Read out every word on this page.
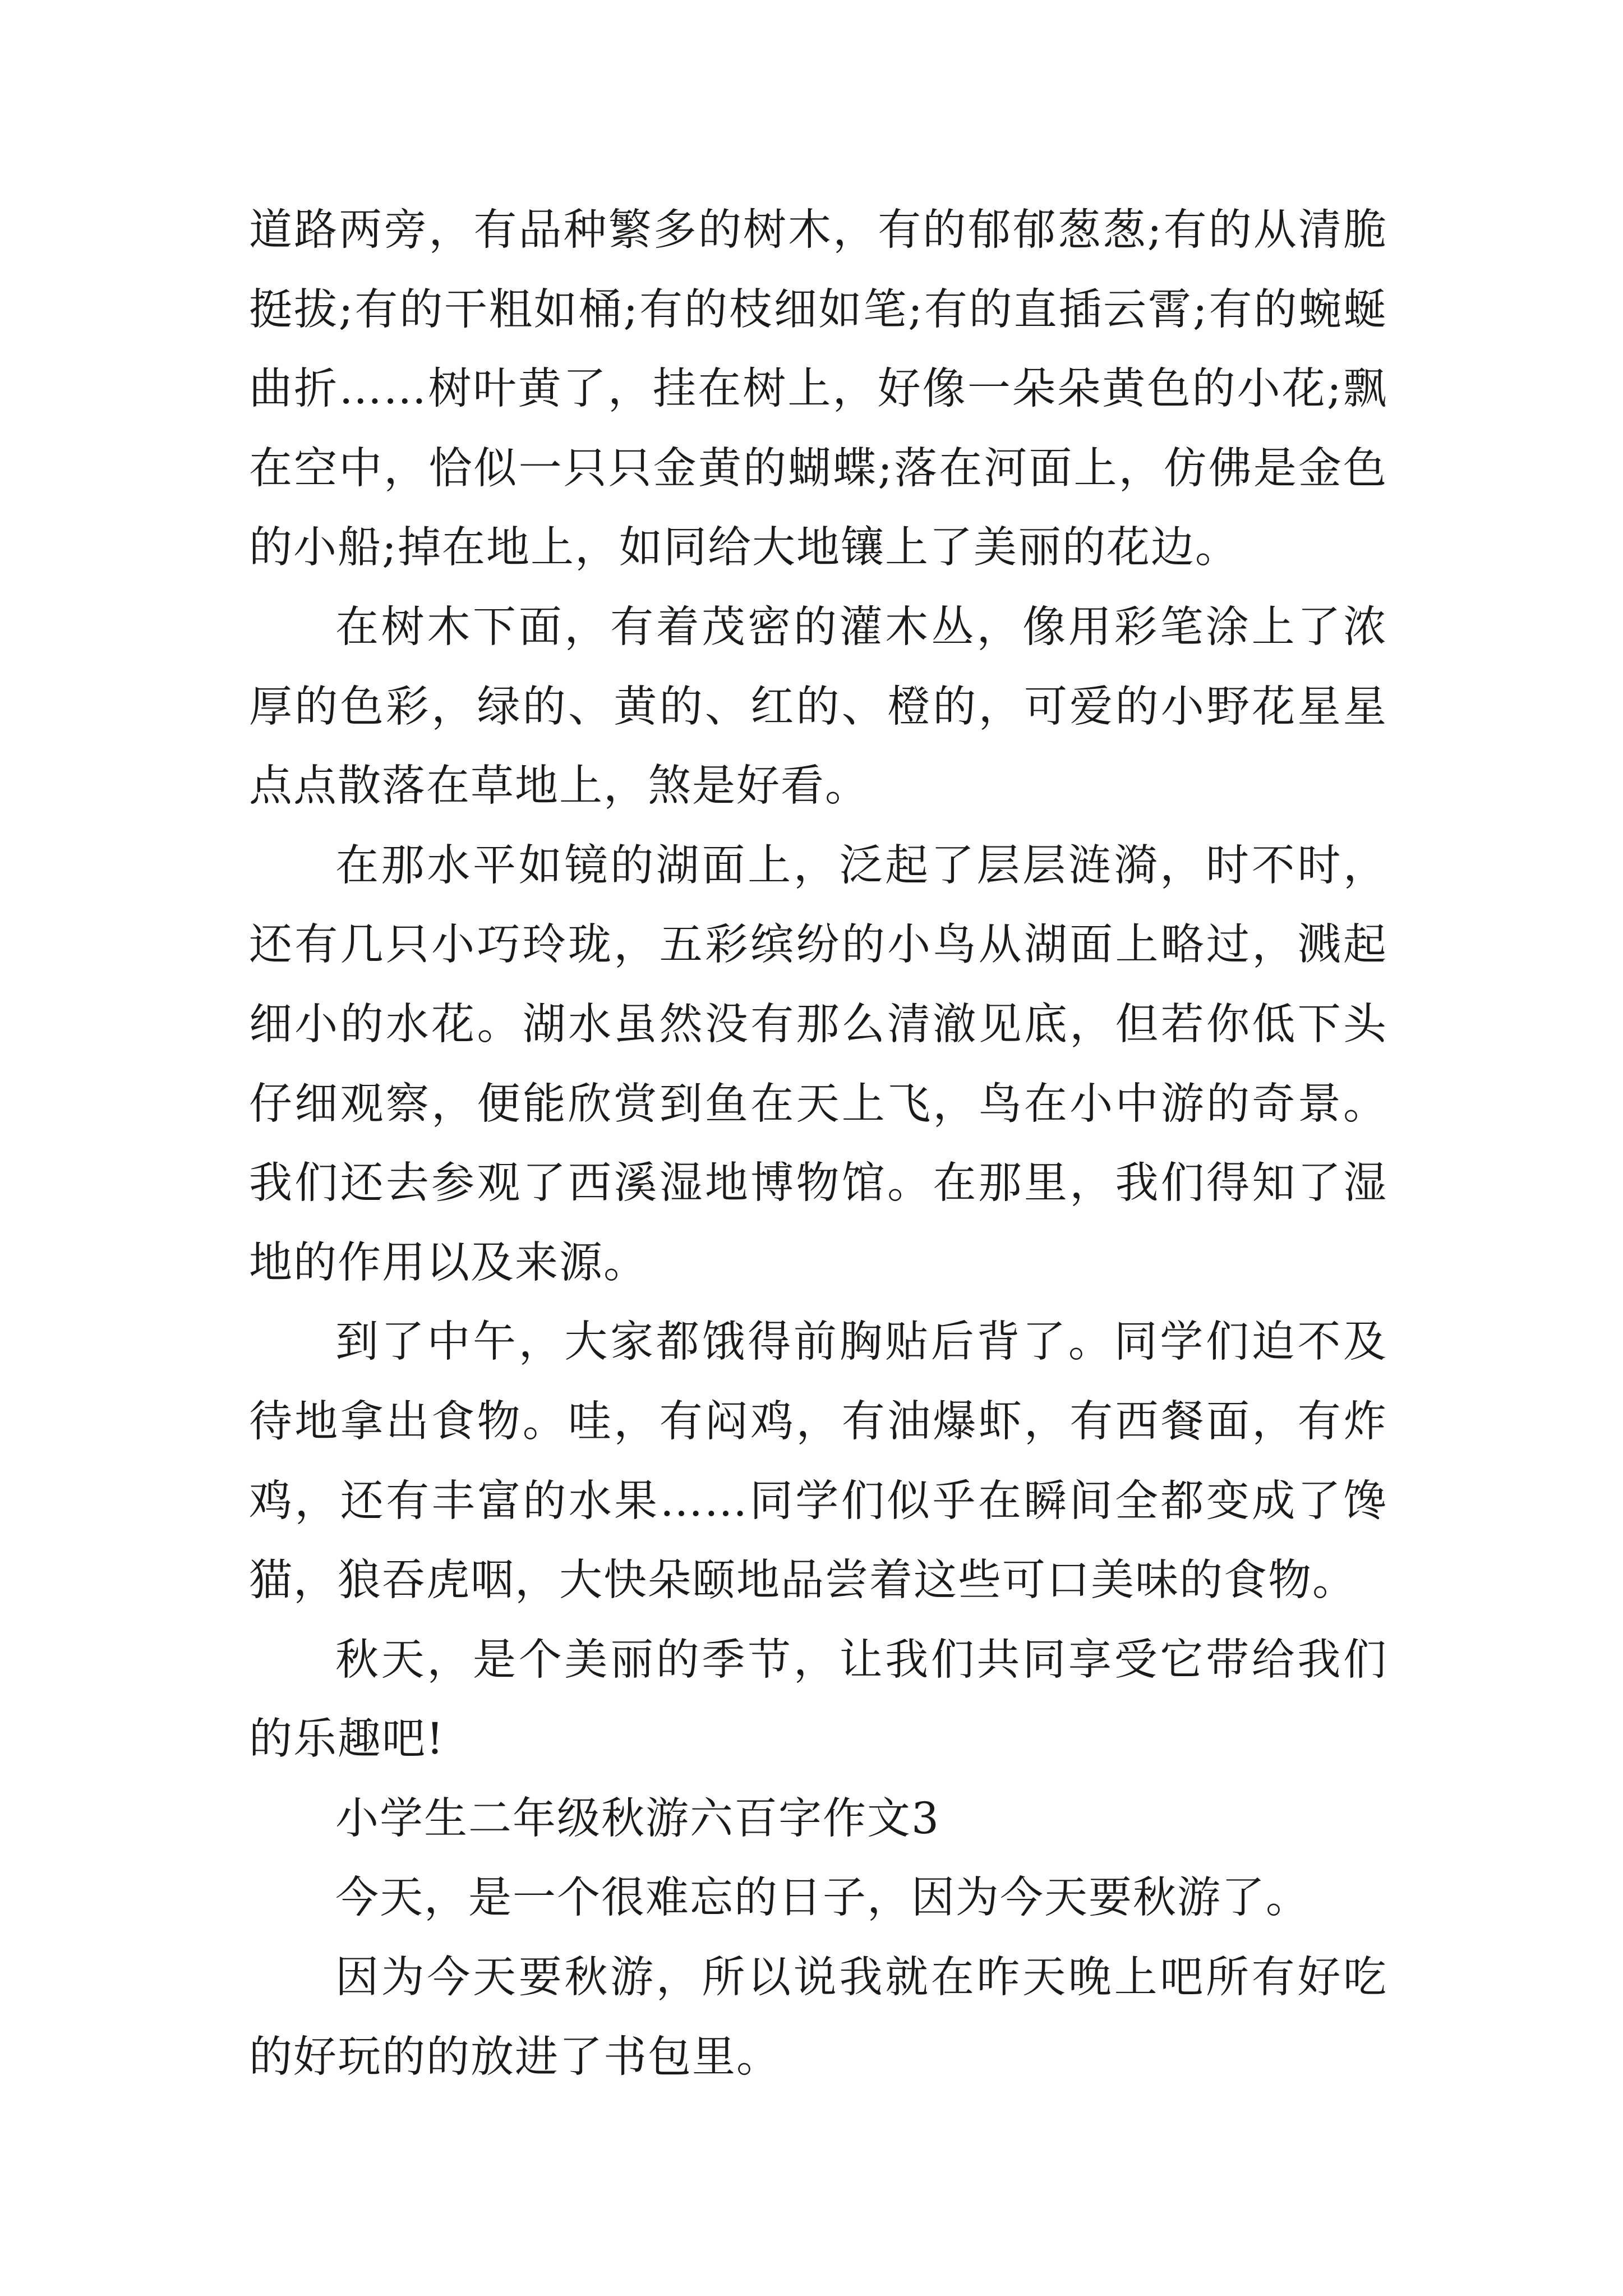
道路两旁，有品种繁多的树木，有的郁郁葱葱;有的从清脆挺拔;有的干粗如桶;有的枝细如笔;有的直插云霄;有的蜿蜒曲折……树叶黄了，挂在树上，好像一朵朵黄色的小花;飘在空中，恰似一只只金黄的蝴蝶;落在河面上，仿佛是金色的小船;掉在地上，如同给大地镶上了美丽的花边。

在树木下面，有着茂密的灌木丛，像用彩笔涂上了浓厚的色彩，绿的、黄的、红的、橙的，可爱的小野花星星点点散落在草地上，煞是好看。

在那水平如镜的湖面上，泛起了层层涟漪，时不时，还有几只小巧玲珑，五彩缤纷的小鸟从湖面上略过，溅起细小的水花。湖水虽然没有那么清澈见底，但若你低下头仔细观察，便能欣赏到鱼在天上飞，鸟在小中游的奇景。我们还去参观了西溪湿地博物馆。在那里，我们得知了湿地的作用以及来源。

到了中午，大家都饿得前胸贴后背了。同学们迫不及待地拿出食物。哇，有闷鸡，有油爆虾，有西餐面，有炸鸡，还有丰富的水果……同学们似乎在瞬间全都变成了馋猫，狼吞虎咽，大快朵颐地品尝着这些可口美味的食物。

秋天，是个美丽的季节，让我们共同享受它带给我们的乐趣吧!

小学生二年级秋游六百字作文3

今天，是一个很难忘的日子，因为今天要秋游了。

因为今天要秋游，所以说我就在昨天晚上吧所有好吃的好玩的的放进了书包里。
